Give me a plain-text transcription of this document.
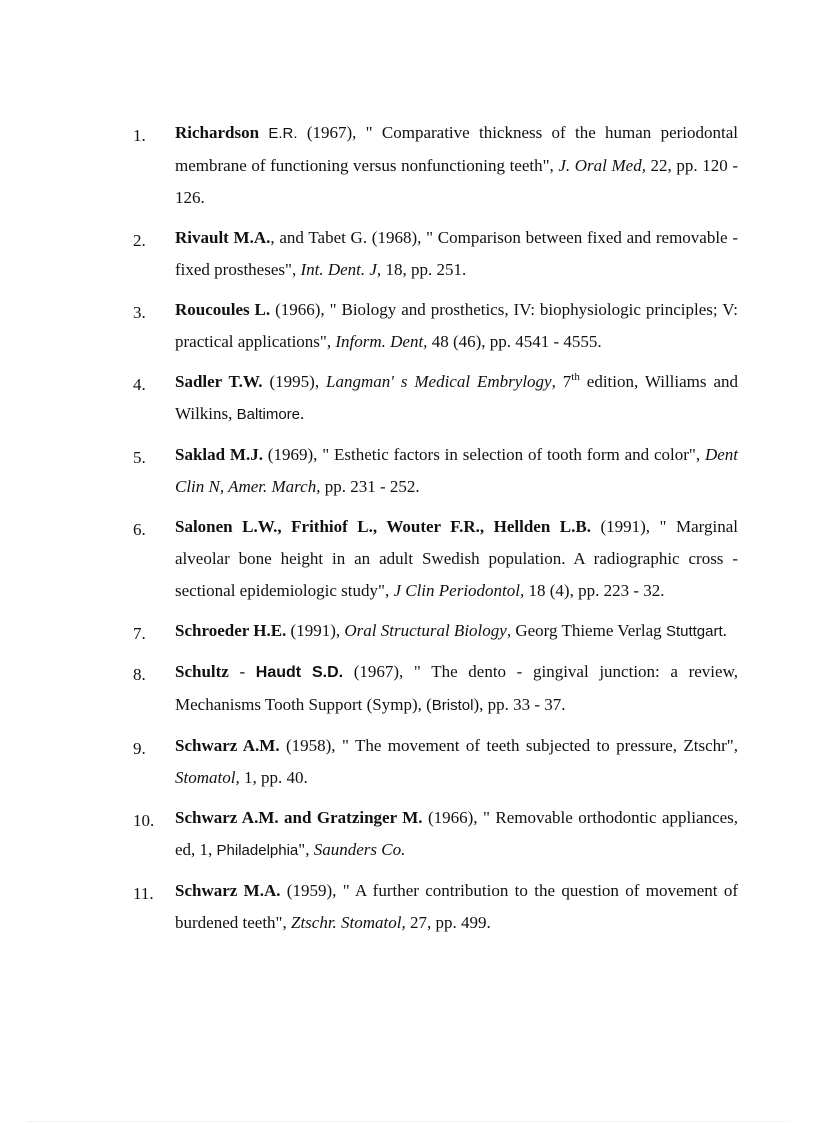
1. Richardson E.R. (1967), " Comparative thickness of the human periodontal membrane of functioning versus nonfunctioning teeth", J. Oral Med, 22, pp. 120 - 126.
2. Rivault M.A., and Tabet G. (1968), " Comparison between fixed and removable - fixed prostheses", Int. Dent. J, 18, pp. 251.
3. Roucoules L. (1966), " Biology and prosthetics, IV: biophysiologic principles; V: practical applications", Inform. Dent, 48 (46), pp. 4541 - 4555.
4. Sadler T.W. (1995), Langman' s Medical Embrylogy, 7th edition, Williams and Wilkins, Baltimore.
5. Saklad M.J. (1969), " Esthetic factors in selection of tooth form and color", Dent Clin N, Amer. March, pp. 231 - 252.
6. Salonen L.W., Frithiof L., Wouter F.R., Hellden L.B. (1991), " Marginal alveolar bone height in an adult Swedish population. A radiographic cross - sectional epidemiologic study", J Clin Periodontol, 18 (4), pp. 223 - 32.
7. Schroeder H.E. (1991), Oral Structural Biology, Georg Thieme Verlag Stuttgart.
8. Schultz - Haudt S.D. (1967), " The dento - gingival junction: a review, Mechanisms Tooth Support (Symp), (Bristol), pp. 33 - 37.
9. Schwarz A.M. (1958), " The movement of teeth subjected to pressure, Ztschr", Stomatol, 1, pp. 40.
10. Schwarz A.M. and Gratzinger M. (1966), " Removable orthodontic appliances, ed, 1, Philadelphia", Saunders Co.
11. Schwarz M.A. (1959), " A further contribution to the question of movement of burdened teeth", Ztschr. Stomatol, 27, pp. 499.
